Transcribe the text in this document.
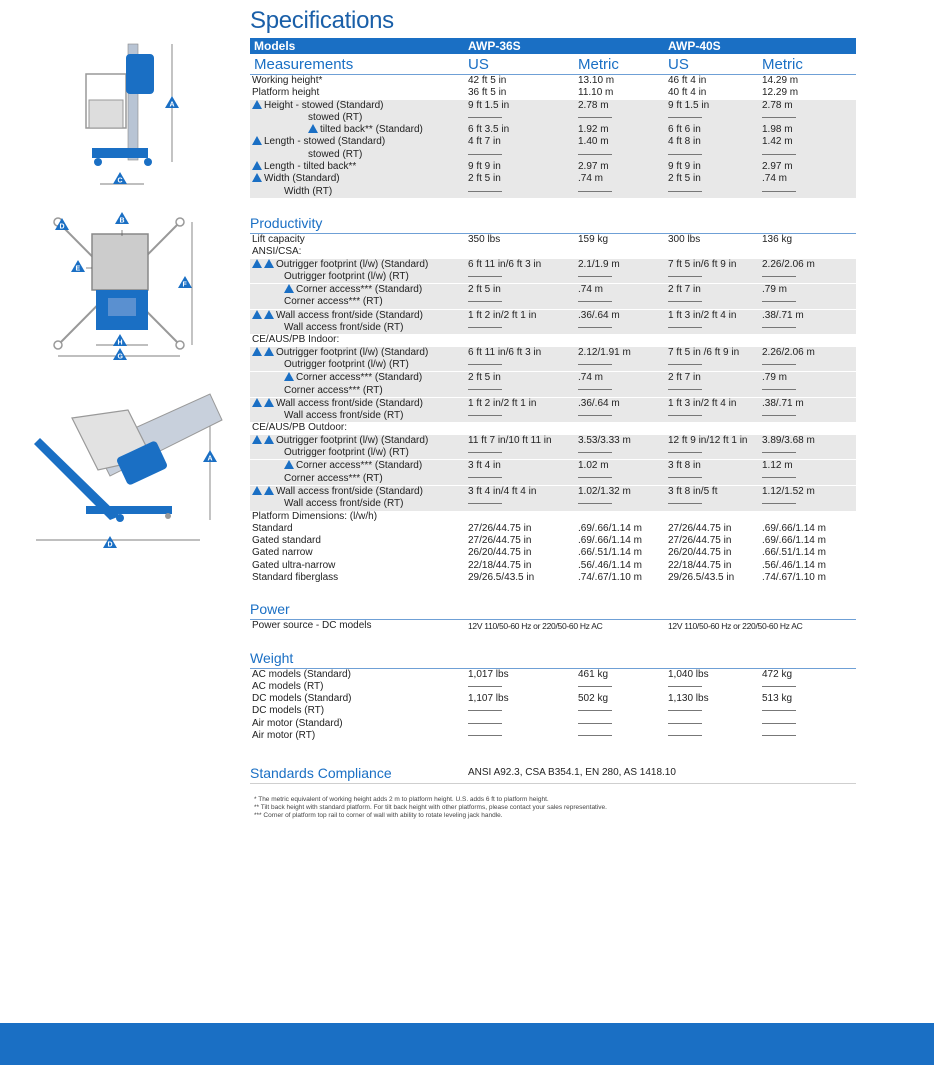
A
C
B
E
F
G
H
D
A
D
Specifications
Models	AWP-36S	AWP-40S
Measurements	US	Metric	US	Metric
Working height*	42 ft 5 in	13.10 m	46 ft 4 in	14.29 m
Platform height	36 ft 5 in	11.10 m	40 ft 4 in	12.29 m
Height - stowed (Standard)	9 ft 1.5 in	2.78 m	9 ft 1.5 in	2.78 m
stowed (RT)				
tilted back** (Standard)	6 ft 3.5 in	1.92 m	6 ft 6 in	1.98 m
Length - stowed (Standard)	4 ft 7 in	1.40 m	4 ft 8 in	1.42 m
stowed (RT)				
Length - tilted back**	9 ft 9 in	2.97 m	9 ft 9 in	2.97 m
Width (Standard)	2 ft 5 in	.74 m	2 ft 5 in	.74 m
Width (RT)				
Productivity
Lift capacity	350 lbs	159 kg	300 lbs	136 kg
ANSI/CSA:				
Outrigger footprint (l/w) (Standard)	6 ft 11 in/6 ft 3 in	2.1/1.9 m	7 ft 5 in/6 ft 9 in	2.26/2.06 m
Outrigger footprint (l/w) (RT)				
Corner access*** (Standard)	2 ft 5 in	.74 m	2 ft 7 in	.79 m
Corner access*** (RT)				
Wall access front/side (Standard)	1 ft 2 in/2 ft 1 in	.36/.64 m	1 ft 3 in/2 ft 4 in	.38/.71 m
Wall access front/side (RT)				
CE/AUS/PB Indoor:				
Outrigger footprint (l/w) (Standard)	6 ft 11 in/6 ft 3 in	2.12/1.91 m	7 ft 5 in /6 ft 9 in	2.26/2.06 m
Outrigger footprint (l/w) (RT)				
Corner access*** (Standard)	2 ft 5 in	.74 m	2 ft 7 in	.79 m
Corner access*** (RT)				
Wall access front/side (Standard)	1 ft 2 in/2 ft 1 in	.36/.64 m	1 ft 3 in/2 ft 4 in	.38/.71 m
Wall access front/side (RT)				
CE/AUS/PB Outdoor:				
Outrigger footprint (l/w) (Standard)	11 ft 7 in/10 ft 11 in	3.53/3.33 m	12 ft 9 in/12 ft 1 in	3.89/3.68 m
Outrigger footprint (l/w) (RT)				
Corner access*** (Standard)	3 ft 4 in	1.02 m	3 ft 8 in	1.12 m
Corner access*** (RT)				
Wall access front/side (Standard)	3 ft 4 in/4 ft 4 in	1.02/1.32 m	3 ft 8 in/5 ft	1.12/1.52 m
Wall access front/side (RT)				
Platform Dimensions: (l/w/h)				
Standard	27/26/44.75 in	.69/.66/1.14 m	27/26/44.75 in	.69/.66/1.14 m
Gated standard	27/26/44.75 in	.69/.66/1.14 m	27/26/44.75 in	.69/.66/1.14 m
Gated narrow	26/20/44.75 in	.66/.51/1.14 m	26/20/44.75 in	.66/.51/1.14 m
Gated ultra-narrow	22/18/44.75 in	.56/.46/1.14 m	22/18/44.75 in	.56/.46/1.14 m
Standard fiberglass	29/26.5/43.5 in	.74/.67/1.10 m	29/26.5/43.5 in	.74/.67/1.10 m
Power
Power source - DC models	12V 110/50-60 Hz or 220/50-60 Hz AC	12V 110/50-60 Hz or 220/50-60 Hz AC
Weight
AC models (Standard)	1,017 lbs	461 kg	1,040 lbs	472 kg
AC models (RT)				
DC models (Standard)	1,107 lbs	502 kg	1,130 lbs	513 kg
DC models (RT)				
Air motor (Standard)				
Air motor (RT)				
Standards Compliance	ANSI A92.3, CSA B354.1, EN 280, AS 1418.10
* The metric equivalent of working height adds 2 m to platform height. U.S. adds 6 ft to platform height.
** Tilt back height with standard platform. For tilt back height with other platforms, please contact your sales representative.
*** Corner of platform top rail to corner of wall with ability to rotate leveling jack handle.
